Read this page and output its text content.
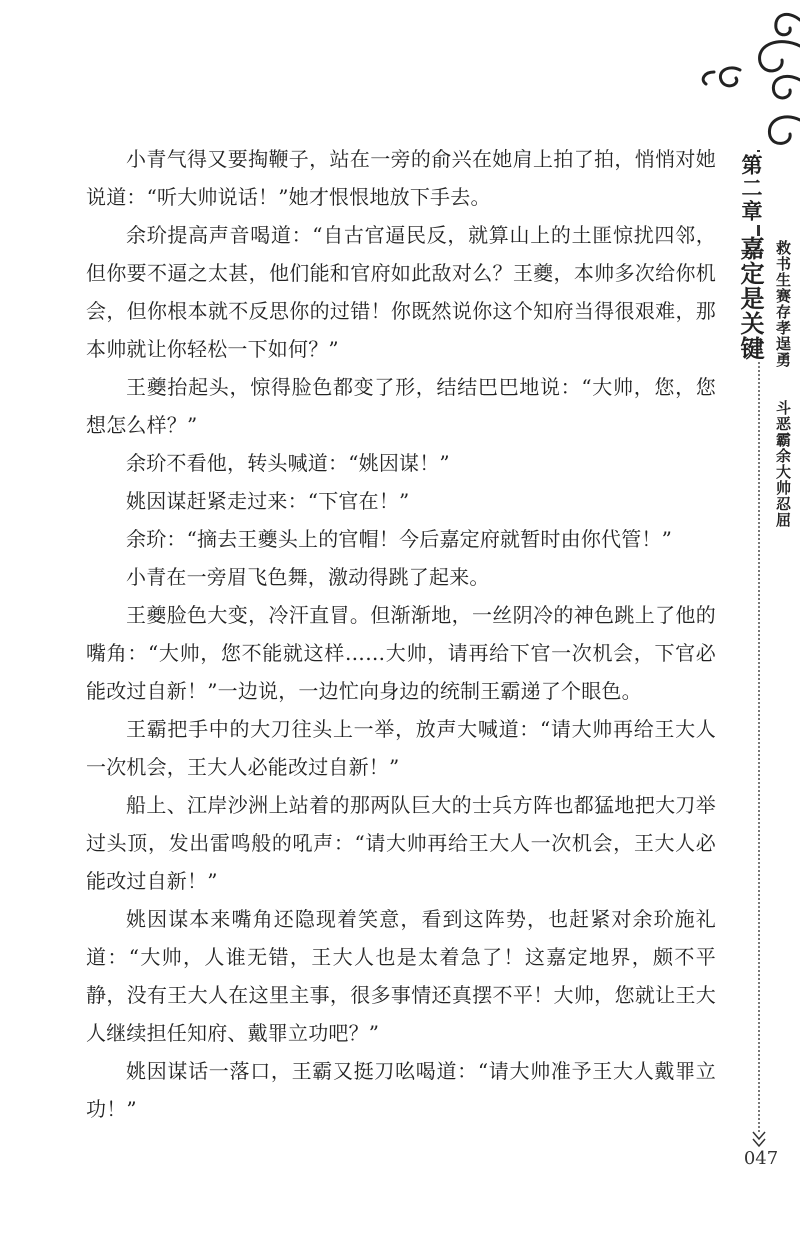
第二章
嘉定是关键 救书生赛存孝逞勇
斗恶霸余大帅忍屈
047

小青气得又要掏鞭子，站在一旁的俞兴在她肩上拍了拍，悄悄对她说道：“听大帅说话！”她才恨恨地放下手去。

余玠提高声音喝道：“自古官逼民反，就算山上的土匪惊扰四邻，但你要不逼之太甚，他们能和官府如此敌对么？王夔，本帅多次给你机会，但你根本就不反思你的过错！你既然说你这个知府当得很艰难，那本帅就让你轻松一下如何？”

王夔抬起头，惊得脸色都变了形，结结巴巴地说：“大帅，您，您想怎么样？”

余玠不看他，转头喊道：“姚因谋！”

姚因谋赶紧走过来：“下官在！”

余玠：“摘去王夔头上的官帽！今后嘉定府就暂时由你代管！”

小青在一旁眉飞色舞，激动得跳了起来。

王夔脸色大变，冷汗直冒。但渐渐地，一丝阴冷的神色跳上了他的嘴角：“大帅，您不能就这样……大帅，请再给下官一次机会，下官必能改过自新！”一边说，一边忙向身边的统制王霸递了个眼色。

王霸把手中的大刀往头上一举，放声大喊道：“请大帅再给王大人一次机会，王大人必能改过自新！”

船上、江岸沙洲上站着的那两队巨大的士兵方阵也都猛地把大刀举过头顶，发出雷鸣般的吼声：“请大帅再给王大人一次机会，王大人必能改过自新！”

姚因谋本来嘴角还隐现着笑意，看到这阵势，也赶紧对余玠施礼道：“大帅，人谁无错，王大人也是太着急了！这嘉定地界，颇不平静，没有王大人在这里主事，很多事情还真摆不平！大帅，您就让王大人继续担任知府、戴罪立功吧？”

姚因谋话一落口，王霸又挺刀吆喝道：“请大帅准予王大人戴罪立功！”
